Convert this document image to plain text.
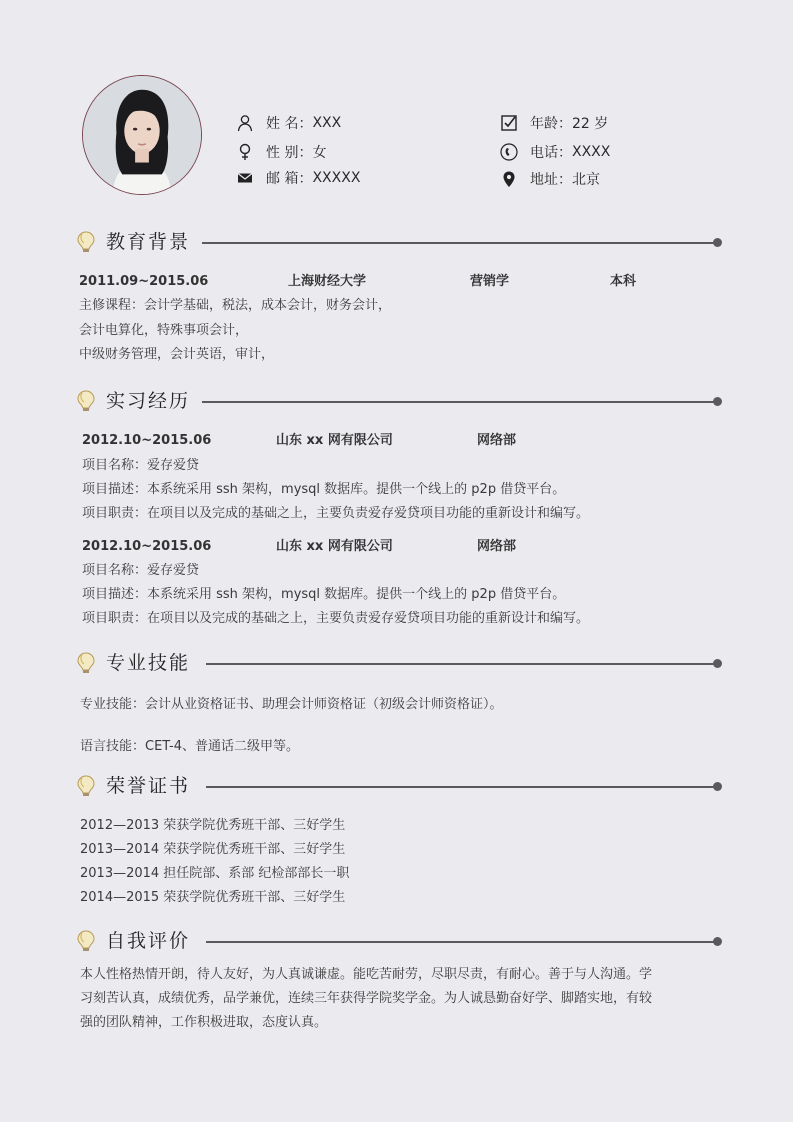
姓 名： XXX
性 别： 女
邮 箱： XXXXX
年龄： 22 岁
电话： XXXX
地址： 北京
教育背景
2011.09~2015.06	上海财经大学	营销学	本科
主修课程：会计学基础，税法，成本会计，财务会计，
会计电算化，特殊事项会计，
中级财务管理，会计英语，审计，
实习经历
2012.10~2015.06	山东 xx 网有限公司	网络部
项目名称：爱存爱贷
项目描述：本系统采用 ssh 架构，mysql 数据库。提供一个线上的 p2p 借贷平台。
项目职责：在项目以及完成的基础之上，主要负责爱存爱贷项目功能的重新设计和编写。
2012.10~2015.06	山东 xx 网有限公司	网络部
项目名称：爱存爱贷
项目描述：本系统采用 ssh 架构，mysql 数据库。提供一个线上的 p2p 借贷平台。
项目职责：在项目以及完成的基础之上，主要负责爱存爱贷项目功能的重新设计和编写。
专业技能
专业技能：会计从业资格证书、助理会计师资格证（初级会计师资格证）。
语言技能：CET-4、普通话二级甲等。
荣誉证书
2012—2013 荣获学院优秀班干部、三好学生
2013—2014 荣获学院优秀班干部、三好学生
2013—2014 担任院部、系部 纪检部部长一职
2014—2015 荣获学院优秀班干部、三好学生
自我评价
本人性格热情开朗，待人友好，为人真诚谦虚。能吃苦耐劳，尽职尽责，有耐心。善于与人沟通。学
习刻苦认真，成绩优秀，品学兼优，连续三年获得学院奖学金。为人诚恳勤奋好学、脚踏实地，有较
强的团队精神，工作积极进取，态度认真。
